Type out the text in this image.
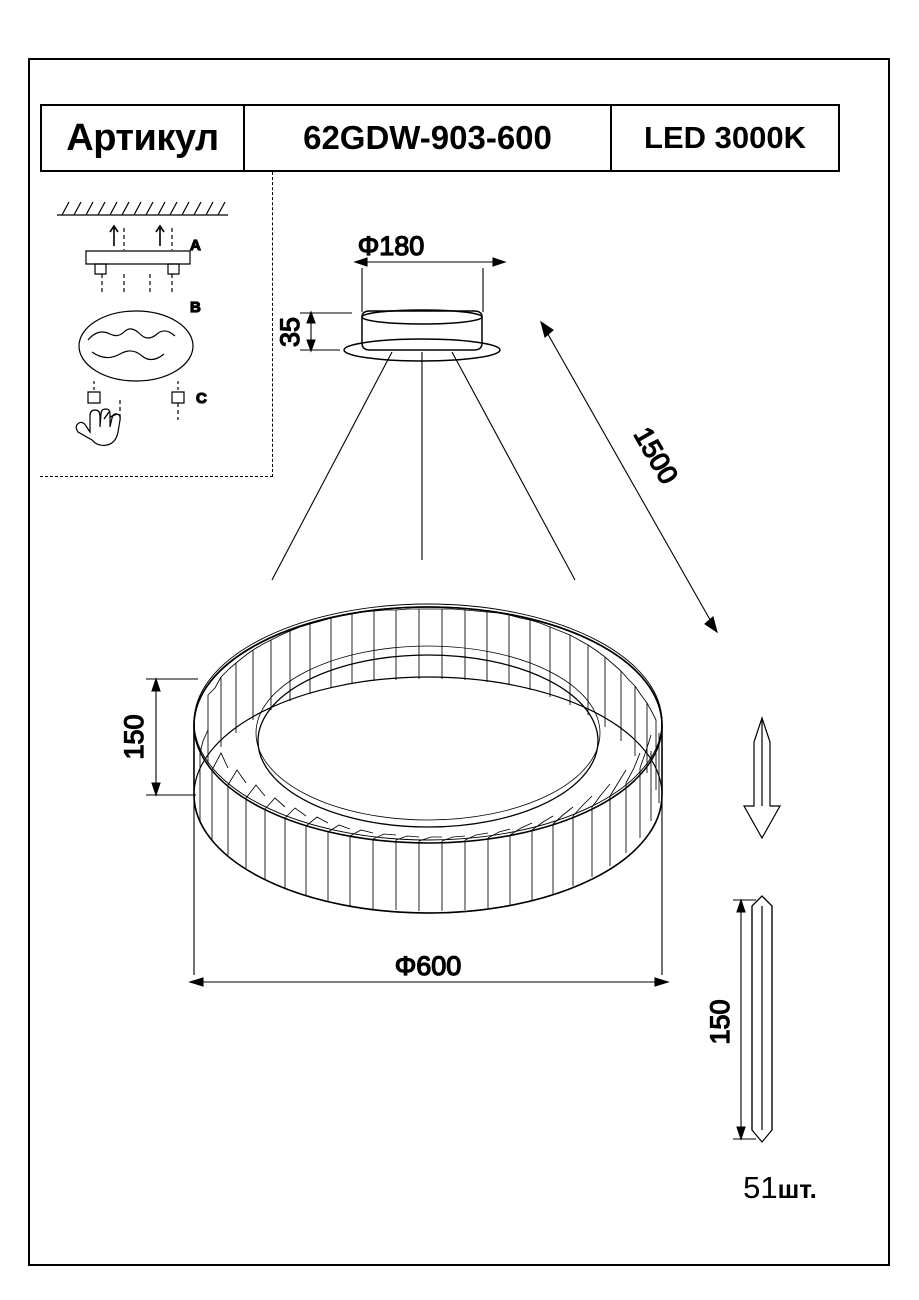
Артикул	62GDW-903-600	LED 3000K
A
B
C
Φ180
35
1500
150
Φ600
150
51шт.
